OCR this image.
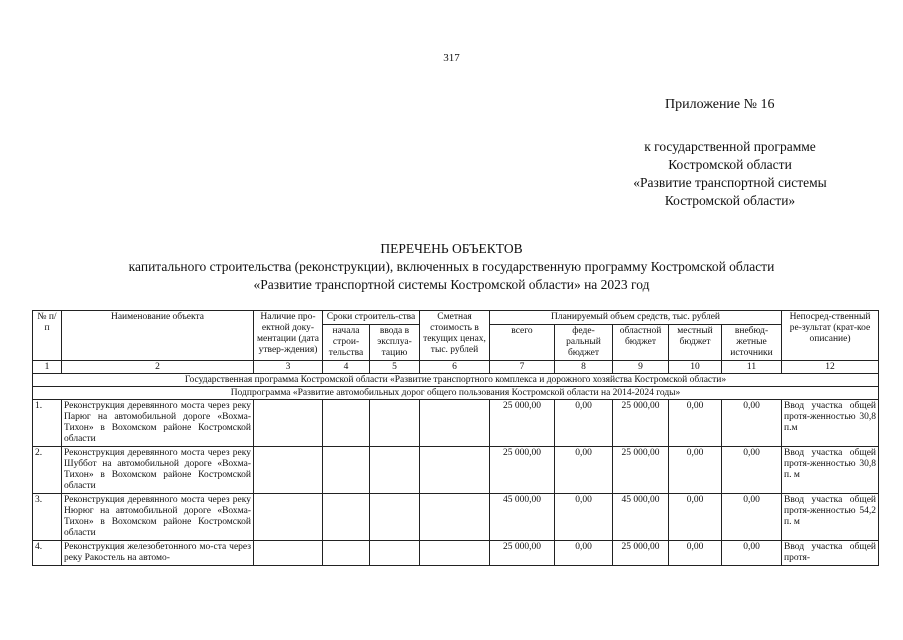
317
Приложение № 16
к государственной программе
Костромской области
«Развитие транспортной системы
Костромской области»
ПЕРЕЧЕНЬ ОБЪЕКТОВ
капитального строительства (реконструкции), включенных в государственную программу Костромской области
«Развитие транспортной системы Костромской области» на 2023 год
№ п/п	Наименование объекта	Наличие про-ектной доку-ментации (дата утвер-ждения)	Сроки строитель-ства		Сметная стоимость в текущих ценах, тыс. рублей	Планируемый объем средств, тыс. рублей					Непосред-ственный ре-зультат (крат-кое описание)
			начала строи-тельства	ввода в эксплуа-тацию		всего	феде-ральный бюджет	областной бюджет	местный бюджет	внебюд-жетные источники	
1	2	3	4	5	6	7	8	9	10	11	12
Государственная программа Костромской области «Развитие транспортного комплекса и дорожного хозяйства Костромской области»											
Подпрограмма «Развитие автомобильных дорог общего пользования Костромской области на 2014-2024 годы»											
1.	Реконструкция деревянного моста через реку Парюг на автомобильной дороге «Вохма-Тихон» в Вохомском районе Костромской области					25 000,00	0,00	25 000,00	0,00	0,00	Ввод участка общей протя-женностью 30,8 п.м
2.	Реконструкция деревянного моста через реку Шуббот на автомобильной дороге «Вохма-Тихон» в Вохомском районе Костромской области					25 000,00	0,00	25 000,00	0,00	0,00	Ввод участка общей протя-женностью 30,8 п. м
3.	Реконструкция деревянного моста через реку Нюрюг на автомобильной дороге «Вохма-Тихон» в Вохомском районе Костромской области					45 000,00	0,00	45 000,00	0,00	0,00	Ввод участка общей протя-женностью 54,2 п. м
4.	Реконструкция железобетонного мо-ста через реку Ракостель на автомо-					25 000,00	0,00	25 000,00	0,00	0,00	Ввод участка общей протя-
